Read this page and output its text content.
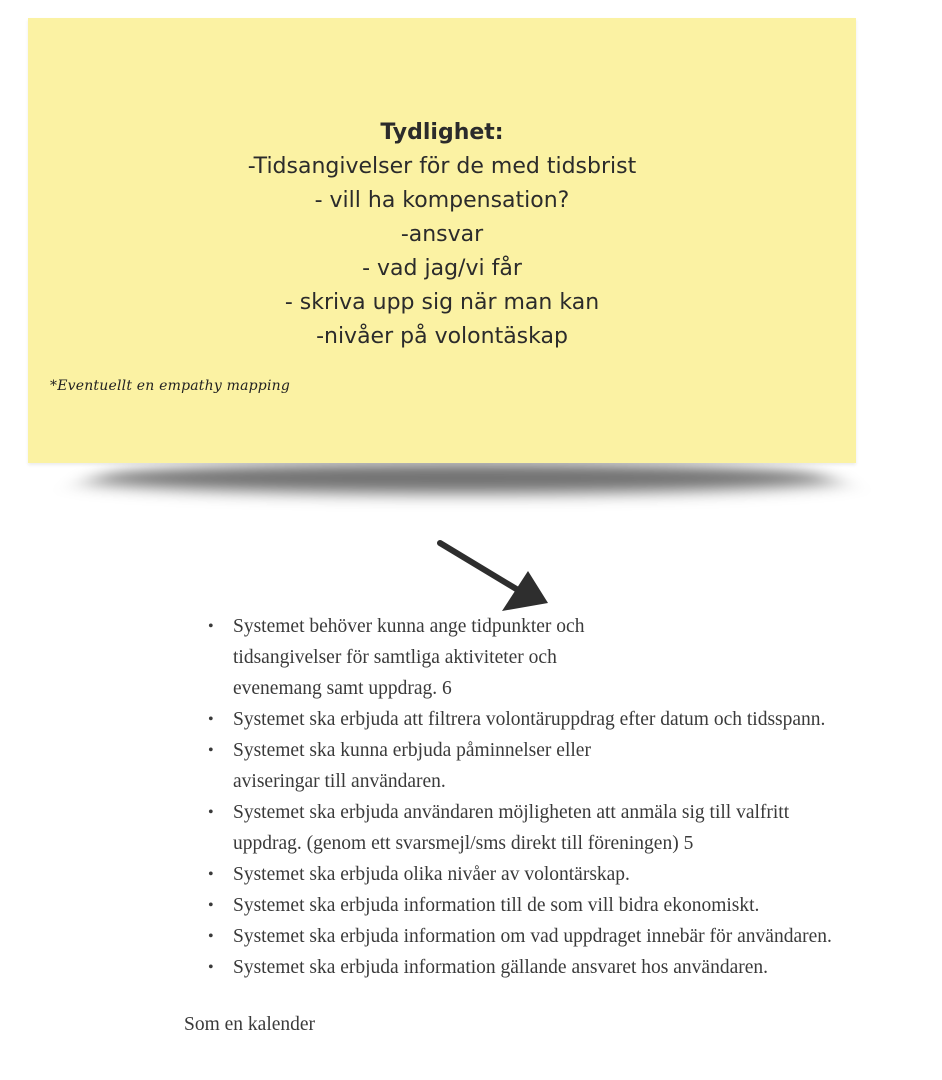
Tydlighet:
-Tidsangivelser för de med tidsbrist
- vill ha kompensation?
-ansvar
- vad jag/vi får
- skriva upp sig när man kan
-nivåer på volontäskap
*Eventuellt en empathy mapping
• Systemet behöver kunna ange tidpunkter och
tidsangivelser för samtliga aktiviteter och
evenemang samt uppdrag. 6
• Systemet ska erbjuda att filtrera volontäruppdrag efter datum och tidsspann.
• Systemet ska kunna erbjuda påminnelser eller
aviseringar till användaren.
• Systemet ska erbjuda användaren möjligheten att anmäla sig till valfritt
uppdrag. (genom ett svarsmejl/sms direkt till föreningen) 5
• Systemet ska erbjuda olika nivåer av volontärskap.
• Systemet ska erbjuda information till de som vill bidra ekonomiskt.
• Systemet ska erbjuda information om vad uppdraget innebär för användaren.
• Systemet ska erbjuda information gällande ansvaret hos användaren.
Som en kalender
